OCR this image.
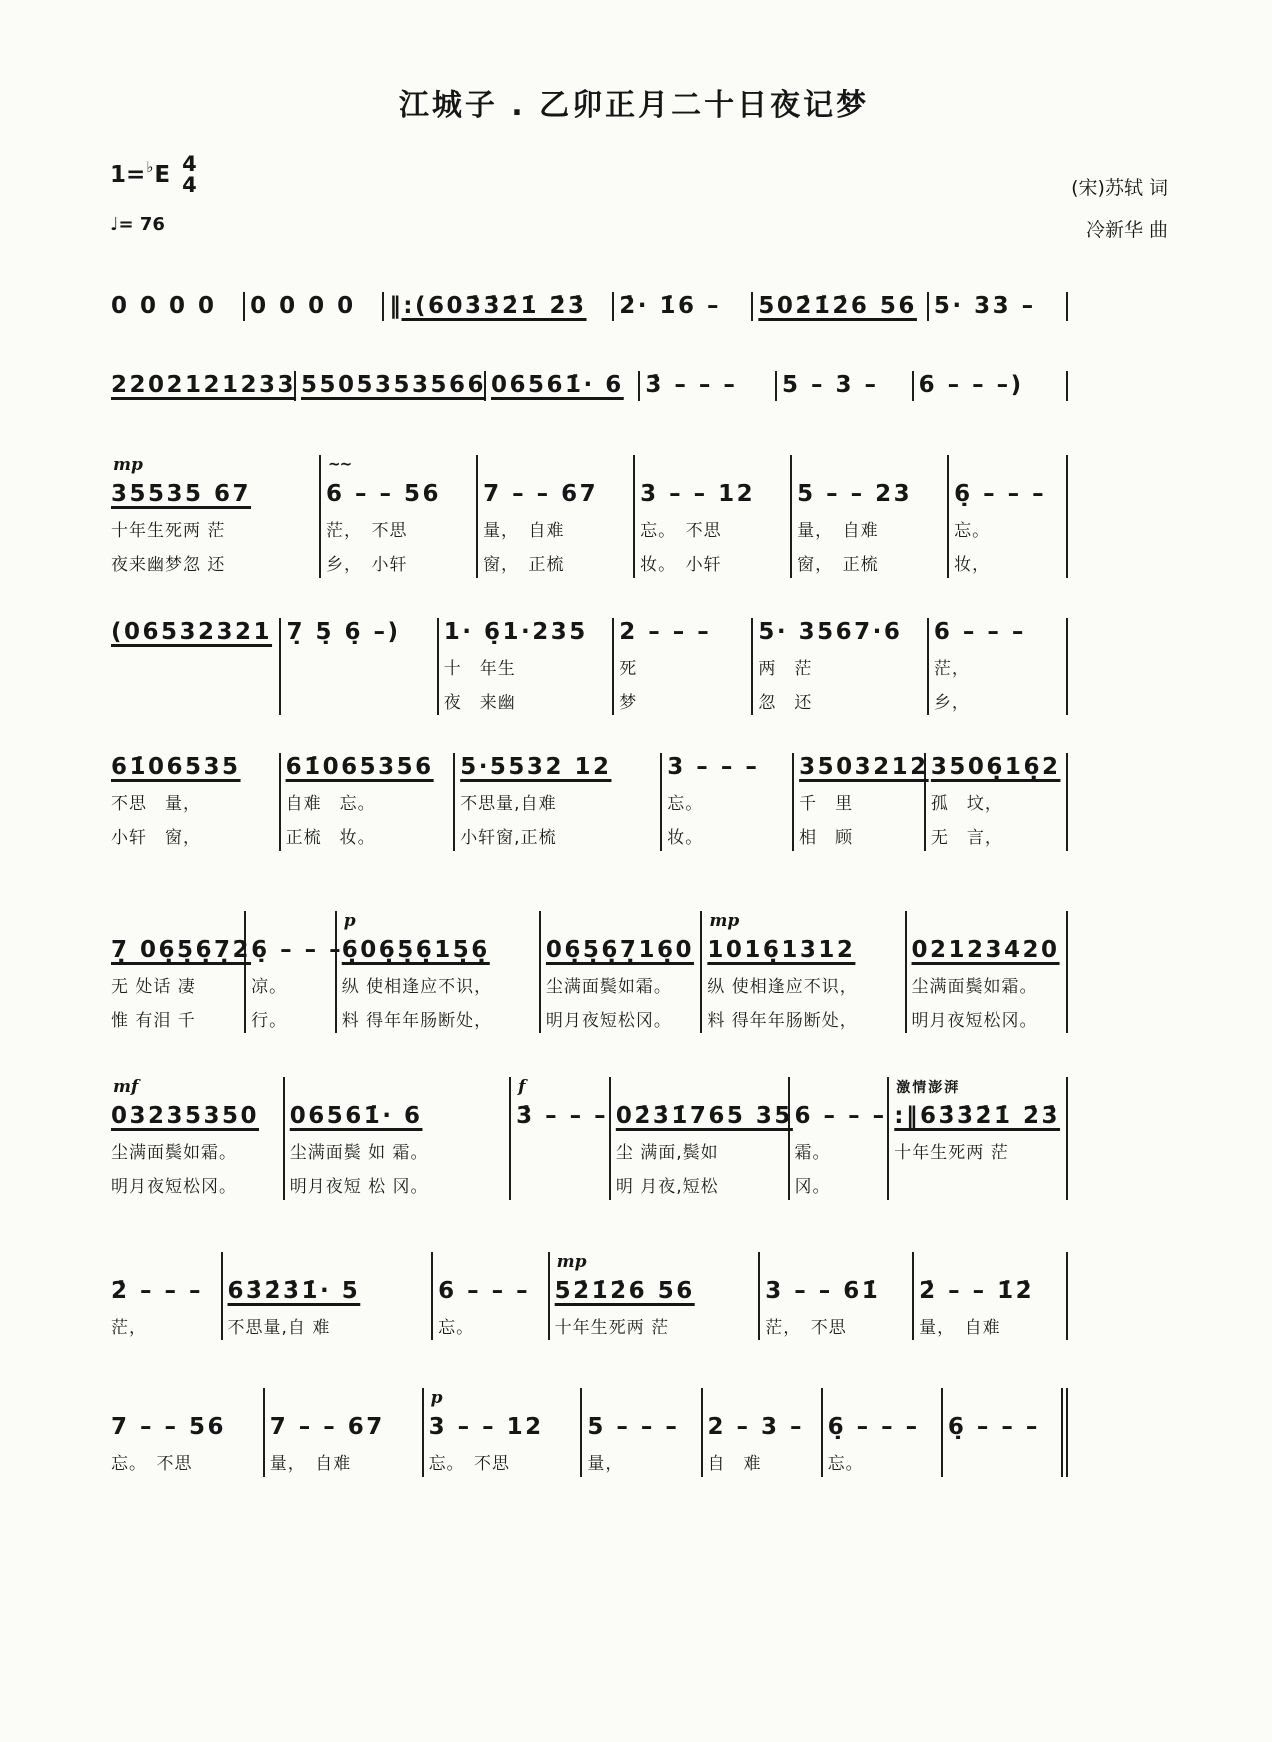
江城子 . 乙卯正月二十日夜记梦
1= ♭ E 4
4
♩= 76
(宋)苏轼 词
冷新华 曲
0 0 0 0	0 0 0 0	‖:(603̇3̇2̇1̇ 2̇3̇	2̇· 1̇6 –	502̇1̇2̇6 56 5· 33 –
2202121233 5505353566 06561̇· 6 3̇ – – –	5 – 3 –	6 – – –)
mp
35535 67
十年生死两 茫
夜来幽梦忽 还
~~
6 – – 56
茫，　不思
乡，　小轩
7 – – 67
量，　自难
窗，　正梳
3 – – 12
忘。　不思
妆。　小轩
5 – – 23
量，　自难
窗，　正梳
6̣ – – –
忘。
妆，
(06532321 7̣ 5̣ 6̣ –)	1· 6̣1·235
十　年生
夜　来幽
2 – – –
死
梦
5· 3567·6
两　茫
忽　还
6 – – –
茫，
乡，
61̇06535
不思　量，
小轩　窗，
61̇065356
自难　忘。
正梳　妆。
5·5532 12
不思量,自难
小轩窗,正梳
3 – – –
忘。
妆。
3503212
千　里
相　顾
3506̣16̣2
孤　坟，
无　言，
7̣ 06̣5̣6̣7̣2
无 处话 凄
惟 有泪 千
6̣ – – –
凉。
行。
p
6̣06̣5̣6̣15̣6̣
纵 使相逢应不识，
料 得年年肠断处，
06̣5̣6̣7̣16̣0
尘满面鬓如霜。
明月夜短松冈。
mp
1016̣1312
纵 使相逢应不识，
料 得年年肠断处，
02123420
尘满面鬓如霜。
明月夜短松冈。
mf
03235350
尘满面鬓如霜。
明月夜短松冈。
06561̇· 6
尘满面鬓 如 霜。
明月夜短 松 冈。
f
3̇ – – – 02̇3̇1̇765 35
尘 满面,鬓如
明 月夜,短松
6 – – –
霜。
冈。
激情澎湃
:‖63̇3̇2̇1̇ 2̇3̇
十年生死两 茫
2̇ – – –
茫，
63̇2̇3̇1̇· 5
不思量,自 难
6 – – –
忘。
mp
52̇1̇2̇6 56
十年生死两 茫
3 – – 61̇
茫，　不思
2̇ – – 1̇2̇
量，　自难
7 – – 56
忘。　不思
7 – – 67
量，　自难
p
3 – – 12
忘。　不思
5 – – –
量，
2 – 3 –
自　难
6̣ – – –
忘。
6̣ – – –
